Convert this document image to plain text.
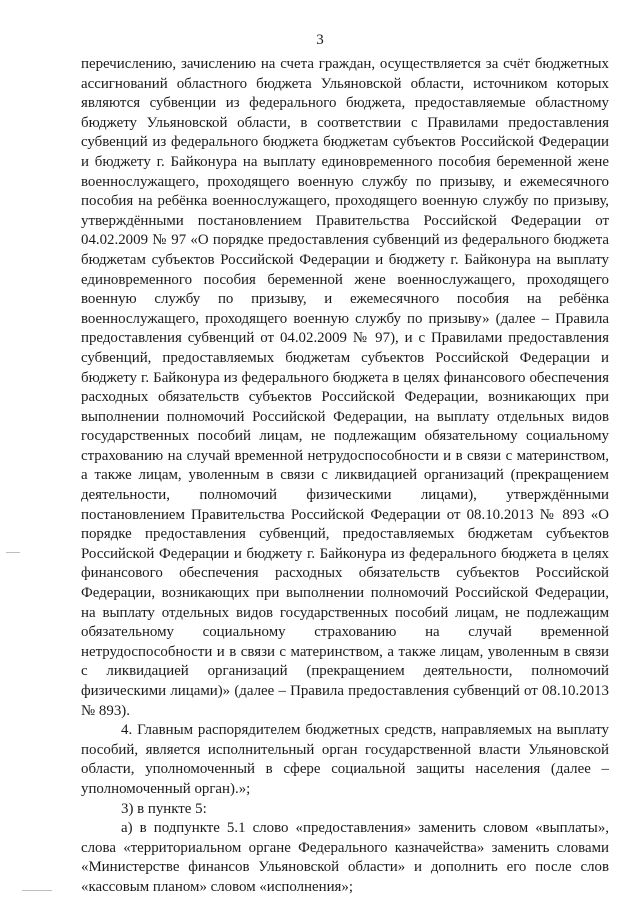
3

перечислению, зачислению на счета граждан, осуществляется за счёт бюджетных ассигнований областного бюджета Ульяновской области, источником которых являются субвенции из федерального бюджета, предоставляемые областному бюджету Ульяновской области, в соответствии с Правилами предоставления субвенций из федерального бюджета бюджетам субъектов Российской Федерации и бюджету г. Байконура на выплату единовременного пособия беременной жене военнослужащего, проходящего военную службу по призыву, и ежемесячного пособия на ребёнка военнослужащего, проходящего военную службу по призыву, утверждёнными постановлением Правительства Российской Федерации от 04.02.2009 № 97 «О порядке предоставления субвенций из федерального бюджета бюджетам субъектов Российской Федерации и бюджету г. Байконура на выплату единовременного пособия беременной жене военнослужащего, проходящего военную службу по призыву, и ежемесячного пособия на ребёнка военнослужащего, проходящего военную службу по призыву» (далее – Правила предоставления субвенций от 04.02.2009 № 97), и с Правилами предоставления субвенций, предоставляемых бюджетам субъектов Российской Федерации и бюджету г. Байконура из федерального бюджета в целях финансового обеспечения расходных обязательств субъектов Российской Федерации, возникающих при выполнении полномочий Российской Федерации, на выплату отдельных видов государственных пособий лицам, не подлежащим обязательному социальному страхованию на случай временной нетрудоспособности и в связи с материнством, а также лицам, уволенным в связи с ликвидацией организаций (прекращением деятельности, полномочий физическими лицами), утверждёнными постановлением Правительства Российской Федерации от 08.10.2013 № 893 «О порядке предоставления субвенций, предоставляемых бюджетам субъектов Российской Федерации и бюджету г. Байконура из федерального бюджета в целях финансового обеспечения расходных обязательств субъектов Российской Федерации, возникающих при выполнении полномочий Российской Федерации, на выплату отдельных видов государственных пособий лицам, не подлежащим обязательному социальному страхованию на случай временной нетрудоспособности и в связи с материнством, а также лицам, уволенным в связи с ликвидацией организаций (прекращением деятельности, полномочий физическими лицами)» (далее – Правила предоставления субвенций от 08.10.2013 № 893).

4. Главным распорядителем бюджетных средств, направляемых на выплату пособий, является исполнительный орган государственной власти Ульяновской области, уполномоченный в сфере социальной защиты населения (далее – уполномоченный орган).»;

3) в пункте 5:

а) в подпункте 5.1 слово «предоставления» заменить словом «выплаты», слова «территориальном органе Федерального казначейства» заменить словами «Министерстве финансов Ульяновской области» и дополнить его после слов «кассовым планом» словом «исполнения»;
